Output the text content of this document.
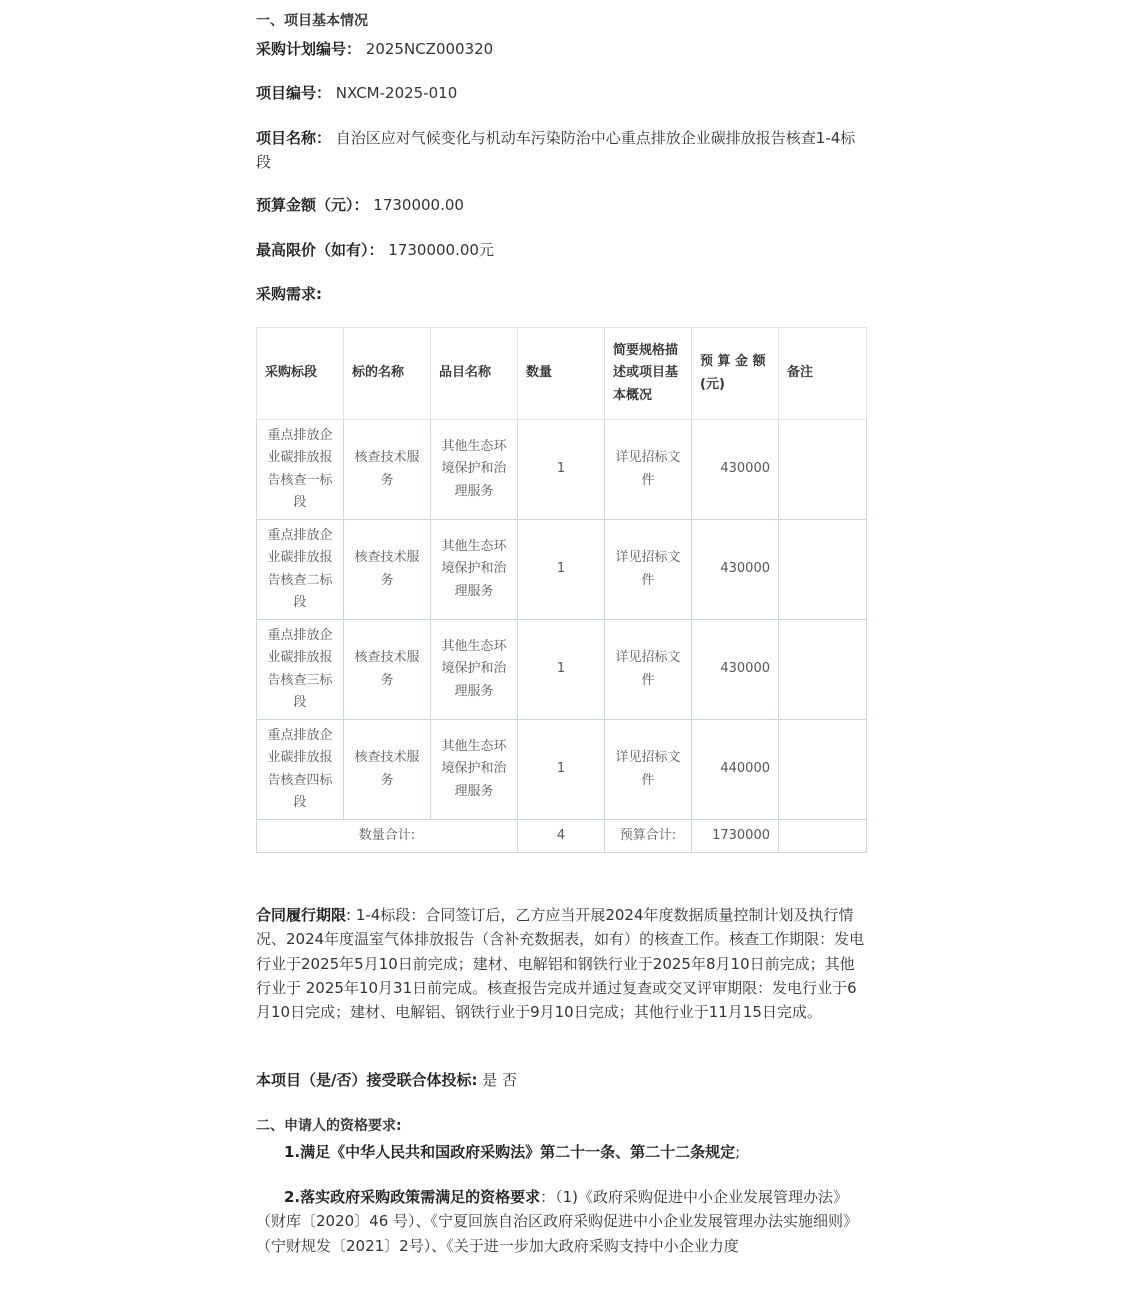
一、项目基本情况
采购计划编号： 2025NCZ000320
项目编号： NXCM-2025-010
项目名称： 自治区应对气候变化与机动车污染防治中心重点排放企业碳排放报告核查1-4标段
预算金额（元）： 1730000.00
最高限价（如有）： 1730000.00元
采购需求:
采购标段	标的名称	品目名称	数量	简要规格描述或项目基本概况	预 算 金 额 (元)	备注
重点排放企业碳排放报告核查一标段	核查技术服务	其他生态环境保护和治理服务	1	详见招标文件	430000	
重点排放企业碳排放报告核查二标段	核查技术服务	其他生态环境保护和治理服务	1	详见招标文件	430000	
重点排放企业碳排放报告核查三标段	核查技术服务	其他生态环境保护和治理服务	1	详见招标文件	430000	
重点排放企业碳排放报告核查四标段	核查技术服务	其他生态环境保护和治理服务	1	详见招标文件	440000	
数量合计:			4	预算合计:	1730000	
合同履行期限: 1-4标段：合同签订后，乙方应当开展2024年度数据质量控制计划及执行情况、2024年度温室气体排放报告（含补充数据表，如有）的核查工作。核查工作期限：发电行业于2025年5月10日前完成；建材、电解铝和钢铁行业于2025年8月10日前完成；其他行业于 2025年10月31日前完成。核查报告完成并通过复查或交叉评审期限：发电行业于6月10日完成；建材、电解铝、钢铁行业于9月10日完成；其他行业于11月15日完成。
本项目（是/否）接受联合体投标: 是 否
二、申请人的资格要求:
1.满足《中华人民共和国政府采购法》第二十一条、第二十二条规定;
2.落实政府采购政策需满足的资格要求：（1)《政府采购促进中小企业发展管理办法》（财库〔2020〕46 号）、《宁夏回族自治区政府采购促进中小企业发展管理办法实施细则》（宁财规发〔2021〕2号）、《关于进一步加大政府采购支持中小企业力度
